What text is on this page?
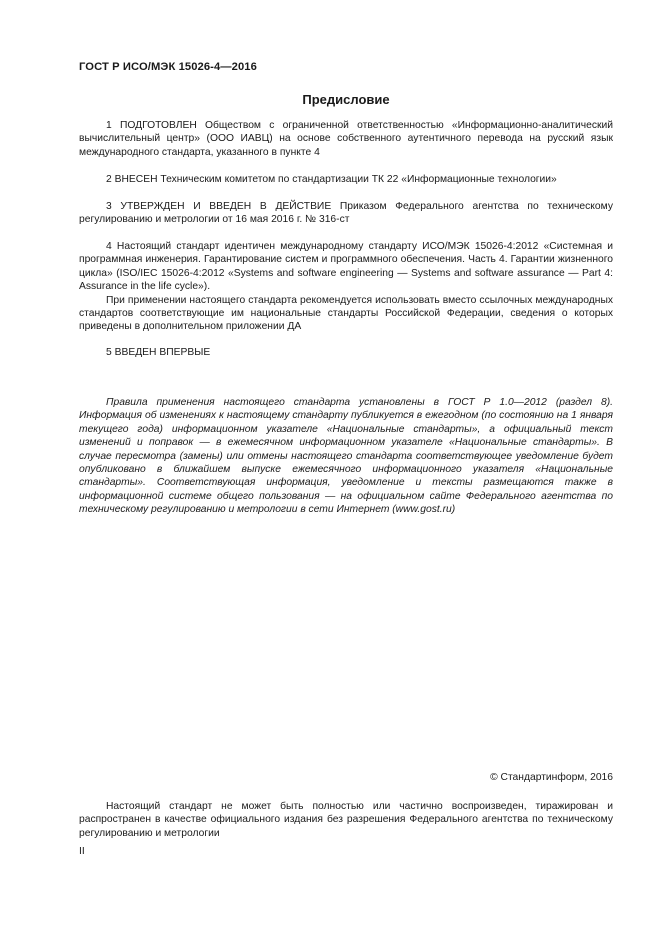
ГОСТ Р ИСО/МЭК 15026-4—2016
Предисловие

1 ПОДГОТОВЛЕН Обществом с ограниченной ответственностью «Информационно-аналитический вычислительный центр» (ООО ИАВЦ) на основе собственного аутентичного перевода на русский язык международного стандарта, указанного в пункте 4

2 ВНЕСЕН Техническим комитетом по стандартизации ТК 22 «Информационные технологии»

3 УТВЕРЖДЕН И ВВЕДЕН В ДЕЙСТВИЕ Приказом Федерального агентства по техническому регулированию и метрологии от 16 мая 2016 г. № 316-ст

4 Настоящий стандарт идентичен международному стандарту ИСО/МЭК 15026-4:2012 «Системная и программная инженерия. Гарантирование систем и программного обеспечения. Часть 4. Гарантии жизненного цикла» (ISO/IEC 15026-4:2012 «Systems and software engineering — Systems and software assurance — Part 4: Assurance in the life cycle»).

При применении настоящего стандарта рекомендуется использовать вместо ссылочных международных стандартов соответствующие им национальные стандарты Российской Федерации, сведения о которых приведены в дополнительном приложении ДА

5 ВВЕДЕН ВПЕРВЫЕ

Правила применения настоящего стандарта установлены в ГОСТ Р 1.0—2012 (раздел 8). Информация об изменениях к настоящему стандарту публикуется в ежегодном (по состоянию на 1 января текущего года) информационном указателе «Национальные стандарты», а официальный текст изменений и поправок — в ежемесячном информационном указателе «Национальные стандарты». В случае пересмотра (замены) или отмены настоящего стандарта соответствующее уведомление будет опубликовано в ближайшем выпуске ежемесячного информационного указателя «Национальные стандарты». Соответствующая информация, уведомление и тексты размещаются также в информационной системе общего пользования — на официальном сайте Федерального агентства по техническому регулированию и метрологии в сети Интернет (www.gost.ru)

© Стандартинформ, 2016

Настоящий стандарт не может быть полностью или частично воспроизведен, тиражирован и распространен в качестве официального издания без разрешения Федерального агентства по техническому регулированию и метрологии

II
